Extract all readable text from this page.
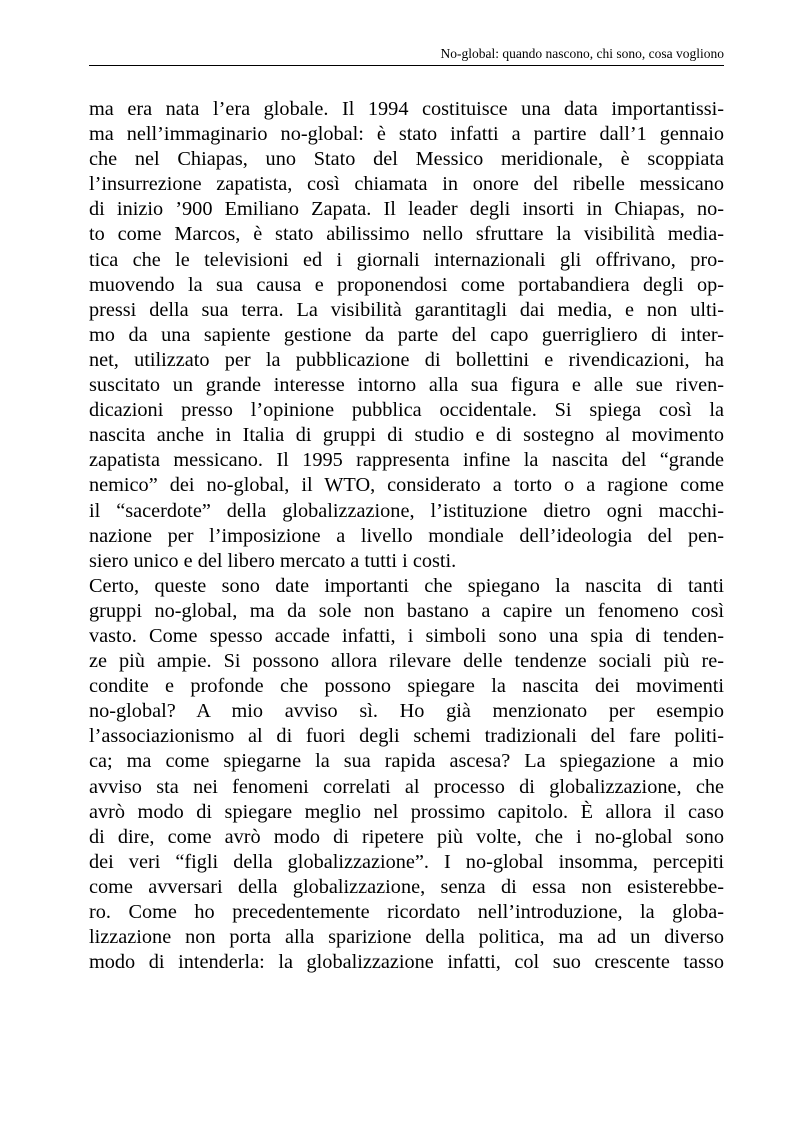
No-global: quando nascono, chi sono, cosa vogliono
ma era nata l’era globale. Il 1994 costituisce una data importantissi-
ma nell’immaginario no-global: è stato infatti a partire dall’1 gennaio
che nel Chiapas, uno Stato del Messico meridionale, è scoppiata
l’insurrezione zapatista, così chiamata in onore del ribelle messicano
di inizio ’900 Emiliano Zapata. Il leader degli insorti in Chiapas, no-
to come Marcos, è stato abilissimo nello sfruttare la visibilità media-
tica che le televisioni ed i giornali internazionali gli offrivano, pro-
muovendo la sua causa e proponendosi come portabandiera degli op-
pressi della sua terra. La visibilità garantitagli dai media, e non ulti-
mo da una sapiente gestione da parte del capo guerrigliero di inter-
net, utilizzato per la pubblicazione di bollettini e rivendicazioni, ha
suscitato un grande interesse intorno alla sua figura e alle sue riven-
dicazioni presso l’opinione pubblica occidentale. Si spiega così la
nascita anche in Italia di gruppi di studio e di sostegno al movimento
zapatista messicano. Il 1995 rappresenta infine la nascita del “grande
nemico” dei no-global, il WTO, considerato a torto o a ragione come
il “sacerdote” della globalizzazione, l’istituzione dietro ogni macchi-
nazione per l’imposizione a livello mondiale dell’ideologia del pen-
siero unico e del libero mercato a tutti i costi.
Certo, queste sono date importanti che spiegano la nascita di tanti
gruppi no-global, ma da sole non bastano a capire un fenomeno così
vasto. Come spesso accade infatti, i simboli sono una spia di tenden-
ze più ampie. Si possono allora rilevare delle tendenze sociali più re-
condite e profonde che possono spiegare la nascita dei movimenti
no-global? A mio avviso sì. Ho già menzionato per esempio
l’associazionismo al di fuori degli schemi tradizionali del fare politi-
ca; ma come spiegarne la sua rapida ascesa? La spiegazione a mio
avviso sta nei fenomeni correlati al processo di globalizzazione, che
avrò modo di spiegare meglio nel prossimo capitolo. È allora il caso
di dire, come avrò modo di ripetere più volte, che i no-global sono
dei veri “figli della globalizzazione”. I no-global insomma, percepiti
come avversari della globalizzazione, senza di essa non esisterebbe-
ro. Come ho precedentemente ricordato nell’introduzione, la globa-
lizzazione non porta alla sparizione della politica, ma ad un diverso
modo di intenderla: la globalizzazione infatti, col suo crescente tasso
